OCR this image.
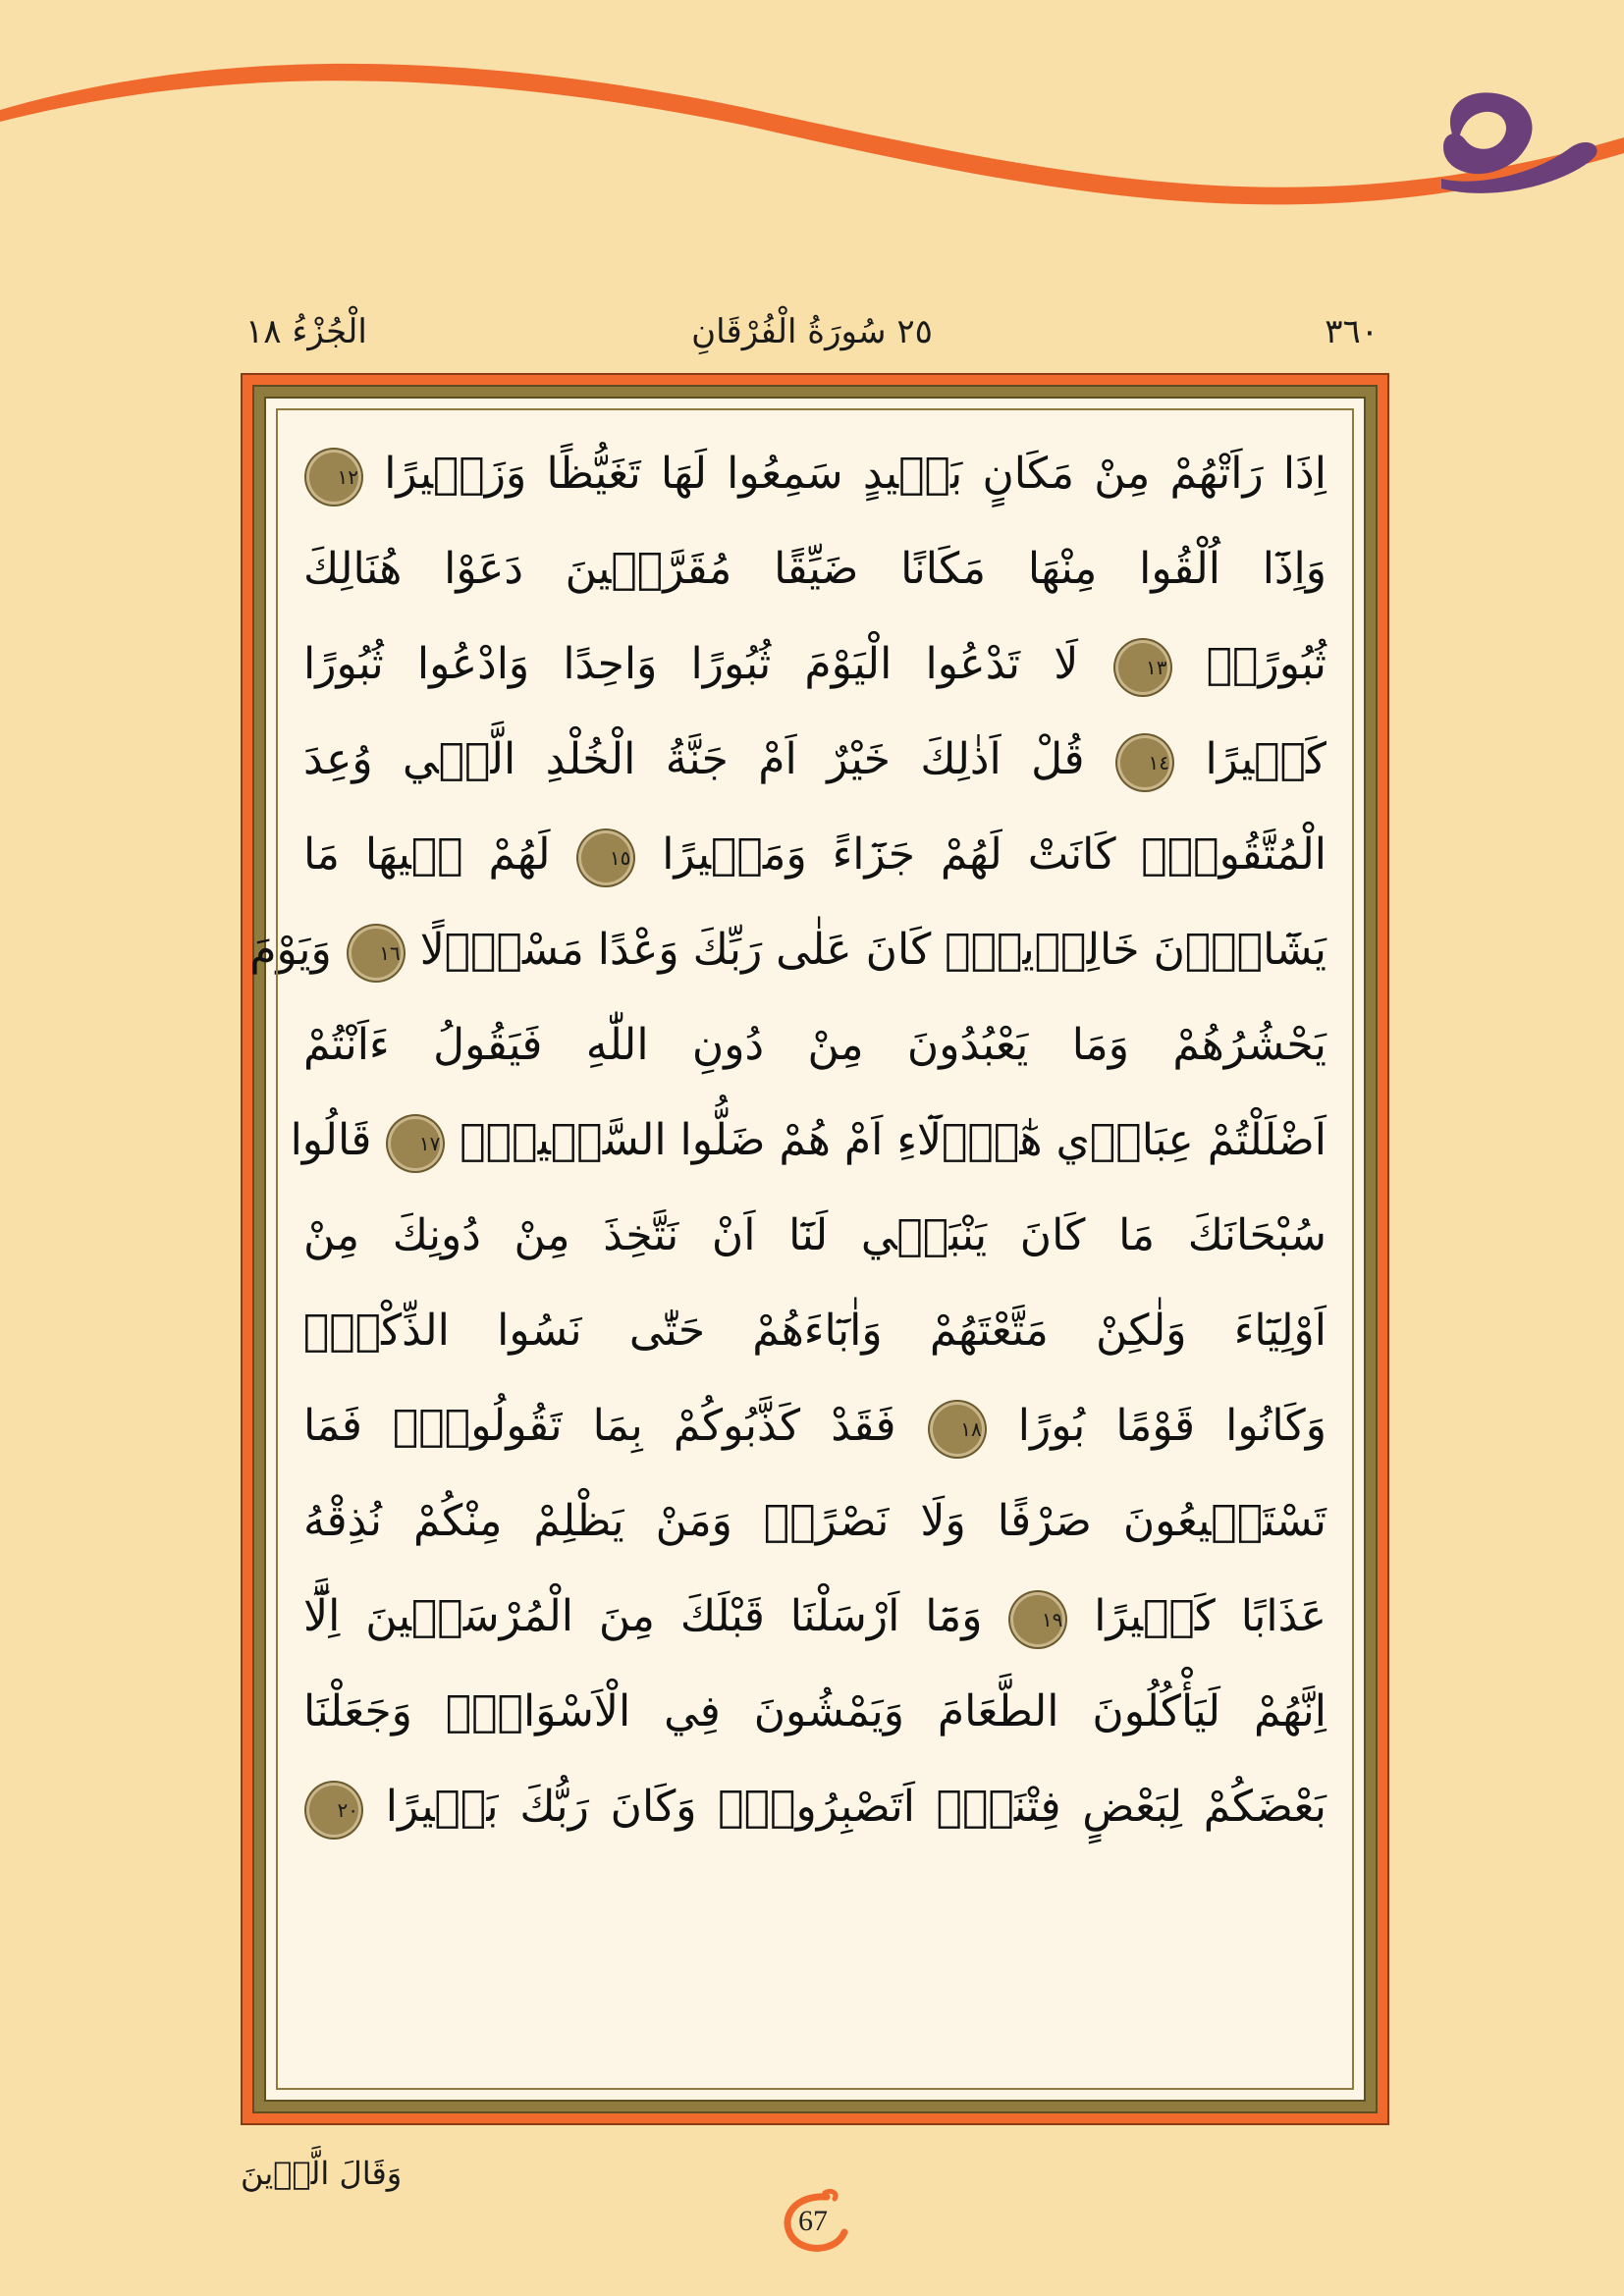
٣٦٠
٢٥ سُورَةُ الْفُرْقَانِ
الْجُزْءُ ١٨
اِذَا رَاَتْهُمْ مِنْ مَكَانٍ بَعٖيدٍ سَمِعُوا لَهَا تَغَيُّظًا وَزَفٖيرًا ١٢
وَاِذَٓا اُلْقُوا مِنْهَا مَكَانًا ضَيِّقًا مُقَرَّنٖينَ دَعَوْا هُنَالِكَ
ثُبُورًاۜ ١٣ لَا تَدْعُوا الْيَوْمَ ثُبُورًا وَاحِدًا وَادْعُوا ثُبُورًا
كَثٖيرًا ١٤ قُلْ اَذٰلِكَ خَيْرٌ اَمْ جَنَّةُ الْخُلْدِ الَّتٖي وُعِدَ
الْمُتَّقُونَۜ كَانَتْ لَهُمْ جَزَٓاءً وَمَصٖيرًا ١٥ لَهُمْ فٖيهَا مَا
يَشَٓاؤُ۫نَ خَالِدٖينَۜ كَانَ عَلٰى رَبِّكَ وَعْدًا مَسْؤُ۫لًا ١٦ وَيَوْمَ
يَحْشُرُهُمْ وَمَا يَعْبُدُونَ مِنْ دُونِ اللّٰهِ فَيَقُولُ ءَاَنْتُمْ
اَضْلَلْتُمْ عِبَادٖي هٰٓؤُ۬لَٓاءِ اَمْ هُمْ ضَلُّوا السَّبٖيلَۜ ١٧ قَالُوا
سُبْحَانَكَ مَا كَانَ يَنْبَغٖي لَنَٓا اَنْ نَتَّخِذَ مِنْ دُونِكَ مِنْ
اَوْلِيَٓاءَ وَلٰكِنْ مَتَّعْتَهُمْ وَاٰبَٓاءَهُمْ حَتّٰى نَسُوا الذِّكْرَۚ
وَكَانُوا قَوْمًا بُورًا ١٨ فَقَدْ كَذَّبُوكُمْ بِمَا تَقُولُونَۙ فَمَا
تَسْتَطٖيعُونَ صَرْفًا وَلَا نَصْرًاۚ وَمَنْ يَظْلِمْ مِنْكُمْ نُذِقْهُ
عَذَابًا كَبٖيرًا ١٩ وَمَٓا اَرْسَلْنَا قَبْلَكَ مِنَ الْمُرْسَلٖينَ اِلَّٓا
اِنَّهُمْ لَيَأْكُلُونَ الطَّعَامَ وَيَمْشُونَ فِي الْاَسْوَاقِۜ وَجَعَلْنَا
بَعْضَكُمْ لِبَعْضٍ فِتْنَةًۜ اَتَصْبِرُونَۚ وَكَانَ رَبُّكَ بَصٖيرًا ٢٠
وَقَالَ الَّذٖينَ
67
